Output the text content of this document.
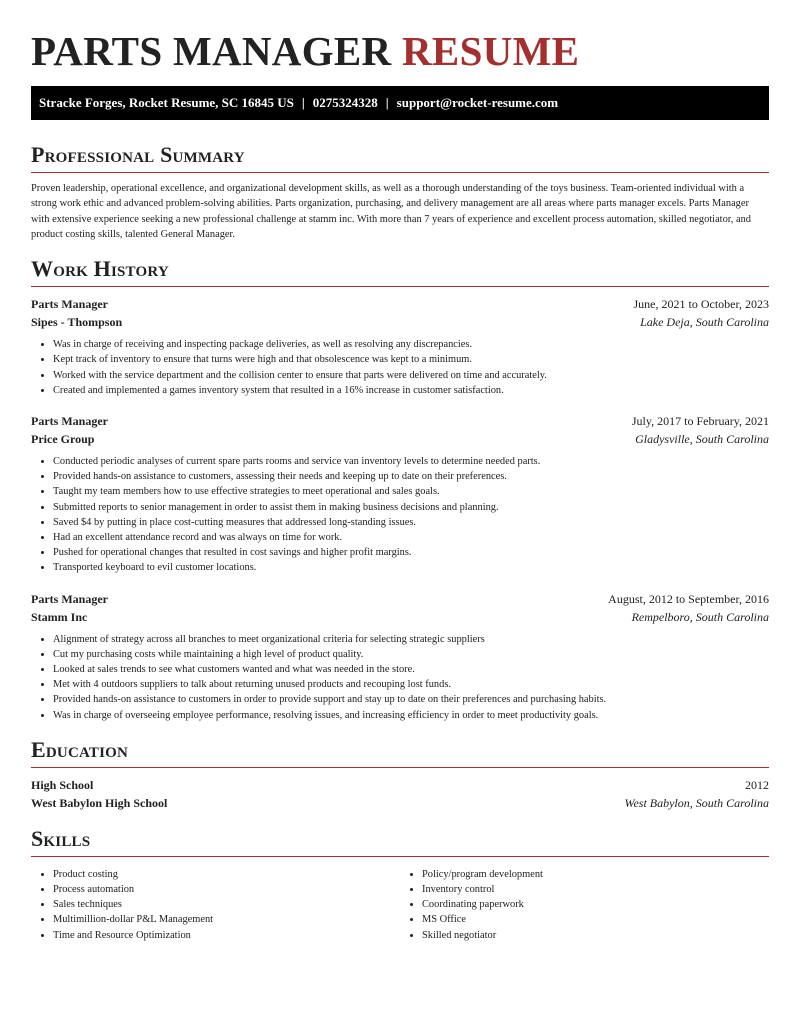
PARTS MANAGER RESUME
Stracke Forges, Rocket Resume, SC 16845 US | 0275324328 | support@rocket-resume.com
Professional Summary

Proven leadership, operational excellence, and organizational development skills, as well as a thorough understanding of the toys business. Team-oriented individual with a strong work ethic and advanced problem-solving abilities. Parts organization, purchasing, and delivery management are all areas where parts manager excels. Parts Manager with extensive experience seeking a new professional challenge at stamm inc. With more than 7 years of experience and excellent process automation, skilled negotiator, and product costing skills, talented General Manager.

Work History
Parts Manager	June, 2021 to October, 2023
Sipes - Thompson	Lake Deja, South Carolina
• Was in charge of receiving and inspecting package deliveries, as well as resolving any discrepancies.
• Kept track of inventory to ensure that turns were high and that obsolescence was kept to a minimum.
• Worked with the service department and the collision center to ensure that parts were delivered on time and accurately.
• Created and implemented a games inventory system that resulted in a 16% increase in customer satisfaction.
Parts Manager	July, 2017 to February, 2021
Price Group	Gladysville, South Carolina
• Conducted periodic analyses of current spare parts rooms and service van inventory levels to determine needed parts.
• Provided hands-on assistance to customers, assessing their needs and keeping up to date on their preferences.
• Taught my team members how to use effective strategies to meet operational and sales goals.
• Submitted reports to senior management in order to assist them in making business decisions and planning.
• Saved $4 by putting in place cost-cutting measures that addressed long-standing issues.
• Had an excellent attendance record and was always on time for work.
• Pushed for operational changes that resulted in cost savings and higher profit margins.
• Transported keyboard to evil customer locations.
Parts Manager	August, 2012 to September, 2016
Stamm Inc	Rempelboro, South Carolina
• Alignment of strategy across all branches to meet organizational criteria for selecting strategic suppliers
• Cut my purchasing costs while maintaining a high level of product quality.
• Looked at sales trends to see what customers wanted and what was needed in the store.
• Met with 4 outdoors suppliers to talk about returning unused products and recouping lost funds.
• Provided hands-on assistance to customers in order to provide support and stay up to date on their preferences and purchasing habits.
• Was in charge of overseeing employee performance, resolving issues, and increasing efficiency in order to meet productivity goals.
Education
High School	2012
West Babylon High School	West Babylon, South Carolina
Skills
• Product costing
• Process automation
• Sales techniques
• Multimillion-dollar P&L Management
• Time and Resource Optimization
• Policy/program development
• Inventory control
• Coordinating paperwork
• MS Office
• Skilled negotiator
